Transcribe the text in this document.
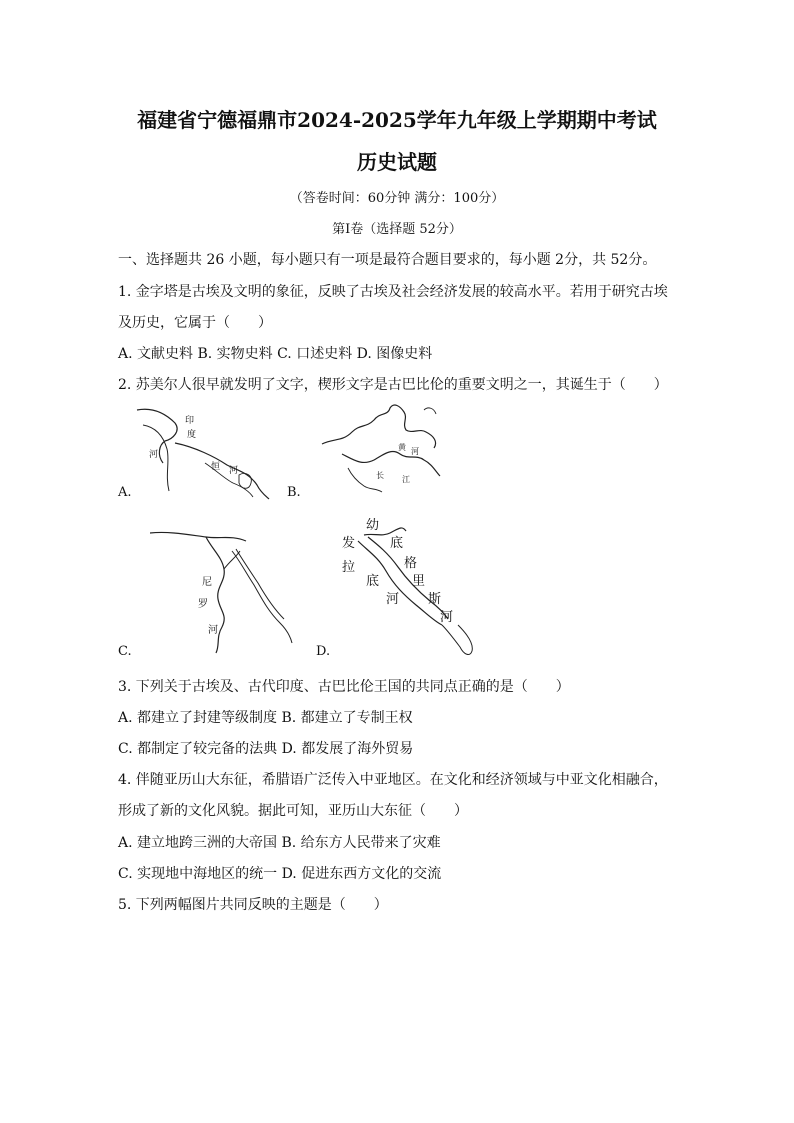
福建省宁德福鼎市2024-2025学年九年级上学期期中考试
历史试题
（答卷时间：60分钟 满分：100分）
第Ⅰ卷（选择题 52分）
一、选择题共 26 小题，每小题只有一项是最符合题目要求的，每小题 2分，共 52分。
1. 金字塔是古埃及文明的象征，反映了古埃及社会经济发展的较高水平。若用于研究古埃
及历史，它属于（　　）
A. 文献史料 B. 实物史料 C. 口述史料 D. 图像史料
2. 苏美尔人很早就发明了文字，楔形文字是古巴比伦的重要文明之一，其诞生于（　　）
A.
印
度
河
恒 河
B.
黄 河
长 江
C.
尼
罗
河
D.
幼
发	底
格
拉
里
底
斯
河
河
3. 下列关于古埃及、古代印度、古巴比伦王国的共同点正确的是（　　）
A. 都建立了封建等级制度 B. 都建立了专制王权
C. 都制定了较完备的法典 D. 都发展了海外贸易
4. 伴随亚历山大东征，希腊语广泛传入中亚地区。在文化和经济领域与中亚文化相融合，
形成了新的文化风貌。据此可知，亚历山大东征（　　）
A. 建立地跨三洲的大帝国 B. 给东方人民带来了灾难
C. 实现地中海地区的统一 D. 促进东西方文化的交流
5. 下列两幅图片共同反映的主题是（　　）
